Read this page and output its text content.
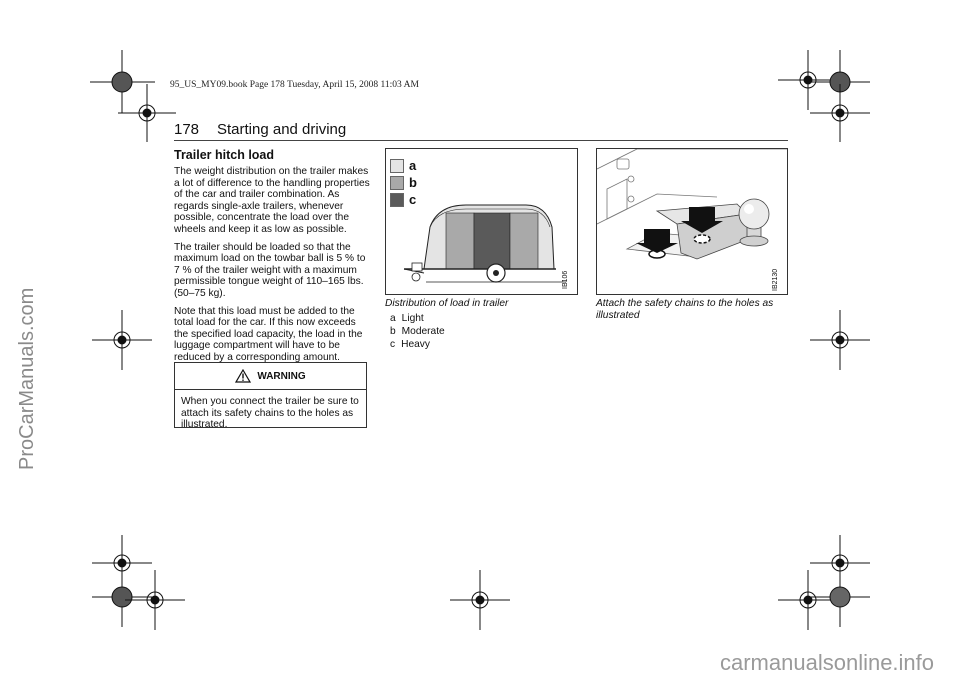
95_US_MY09.book Page 178 Tuesday, April 15, 2008 11:03 AM
178 Starting and driving
Trailer hitch load

The weight distribution on the trailer makes a lot of difference to the handling properties of the car and trailer combination. As regards single-axle trailers, whenever possible, concentrate the load over the wheels and keep it as low as possible.

The trailer should be loaded so that the maximum load on the towbar ball is 5 % to 7 % of the trailer weight with a maximum permissible tongue weight of 110–165 lbs. (50–75 kg).

Note that this load must be added to the total load for the car. If this now exceeds the specified load capacity, the load in the luggage compartment will have to be reduced by a corresponding amount.

WARNING
When you connect the trailer be sure to attach its safety chains to the holes as illustrated.
a
b
c
IB106
Distribution of load in trailer
a Light
b Moderate
c Heavy
IB2130
Attach the safety chains to the holes as illustrated
ProCarManuals.com
carmanualsonline.info
